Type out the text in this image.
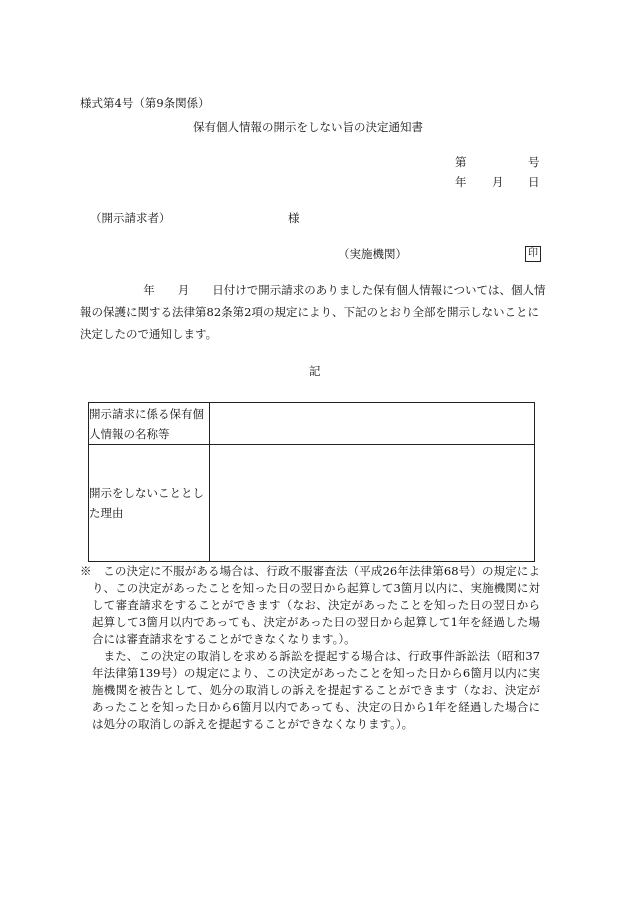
様式第4号（第9条関係）
保有個人情報の開示をしない旨の決定通知書
第	号
年 月 日
（開示請求者）	様
（実施機関）	印

年　　月　　日付けで開示請求のありました保有個人情報については、個人情報の保護に関する法律第82条第2項の規定により、下記のとおり全部を開示しないことに決定したので通知します。

記
開示請求に係る保有個人情報の名称等	
開示をしないこととした理由	

※　 この決定に不服がある場合は、行政不服審査法（平成26年法律第68号）の規定により、この決定があったことを知った日の翌日から起算して3箇月以内に、実施機関に対して審査請求をすることができます（なお、決定があったことを知った日の翌日から起算して3箇月以内であっても、決定があった日の翌日から起算して1年を経過した場合には審査請求をすることができなくなります。）。

また、この決定の取消しを求める訴訟を提起する場合は、行政事件訴訟法（昭和37年法律第139号）の規定により、この決定があったことを知った日から6箇月以内に実施機関を被告として、処分の取消しの訴えを提起することができます（なお、決定があったことを知った日から6箇月以内であっても、決定の日から1年を経過した場合には処分の取消しの訴えを提起することができなくなります。）。
